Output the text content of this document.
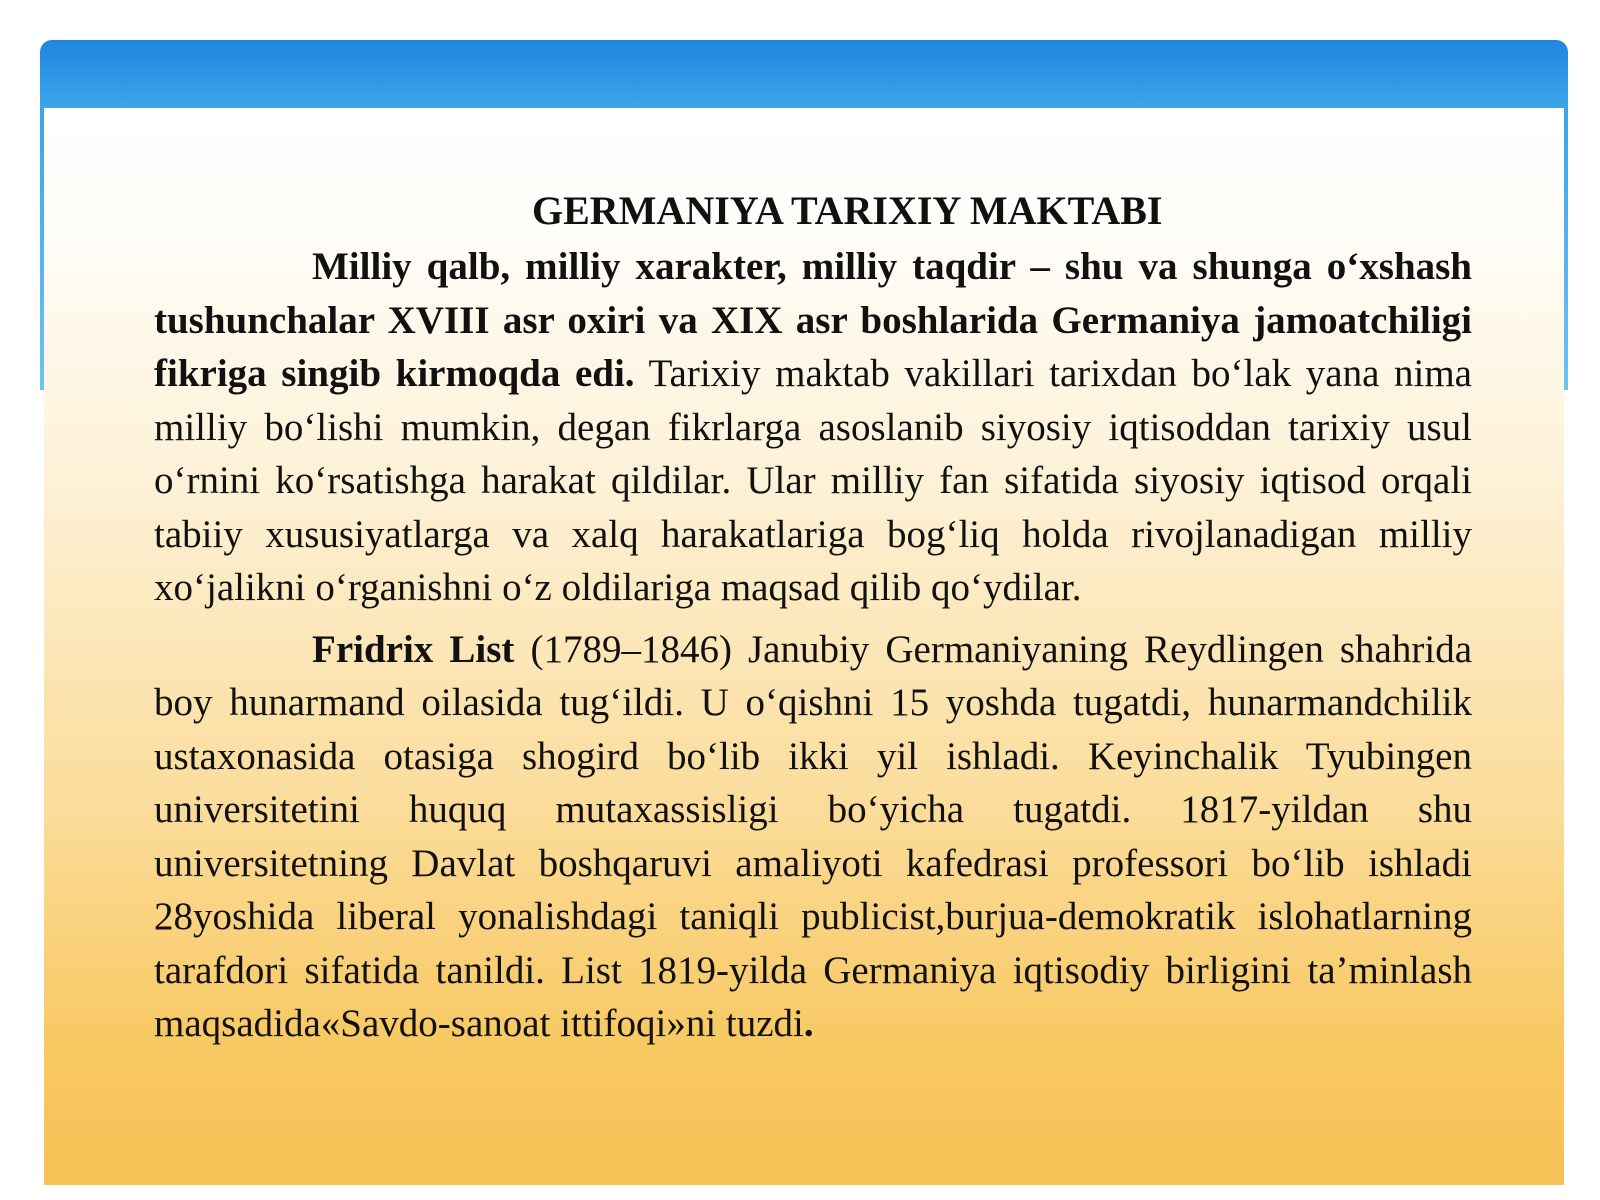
GERMANIYA TARIXIY MAKTABI

Milliy qalb, milliy xarakter, milliy taqdir – shu va shunga o‘xshash tushunchalar XVIII asr oxiri va XIX asr boshlarida Germaniya jamoatchiligi fikriga singib kirmoqda edi. Tarixiy maktab vakillari tarixdan bo‘lak yana nima milliy bo‘lishi mumkin, degan fikrlarga asoslanib siyosiy iqtisoddan tarixiy usul o‘rnini ko‘rsatishga harakat qildilar. Ular milliy fan sifatida siyosiy iqtisod orqali tabiiy xususiyatlarga va xalq harakatlariga bog‘liq holda rivojlanadigan milliy xo‘jalikni o‘rganishni o‘z oldilariga maqsad qilib qo‘ydilar.

Fridrix List (1789–1846) Janubiy Germaniyaning Reydlingen shahrida boy hunarmand oilasida tug‘ildi. U o‘qishni 15 yoshda tugatdi, hunarmandchilik ustaxonasida otasiga shogird bo‘lib ikki yil ishladi. Keyinchalik Tyubingen universitetini huquq mutaxassisligi bo‘yicha tugatdi. 1817-yildan shu universitetning Davlat boshqaruvi amaliyoti kafedrasi professori bo‘lib ishladi 28yoshida liberal yonalishdagi taniqli publicist,burjua-demokratik islohatlarning tarafdori sifatida tanildi. List 1819-yilda Germaniya iqtisodiy birligini ta’minlash maqsadida«Savdo-sanoat ittifoqi»ni tuzdi.
